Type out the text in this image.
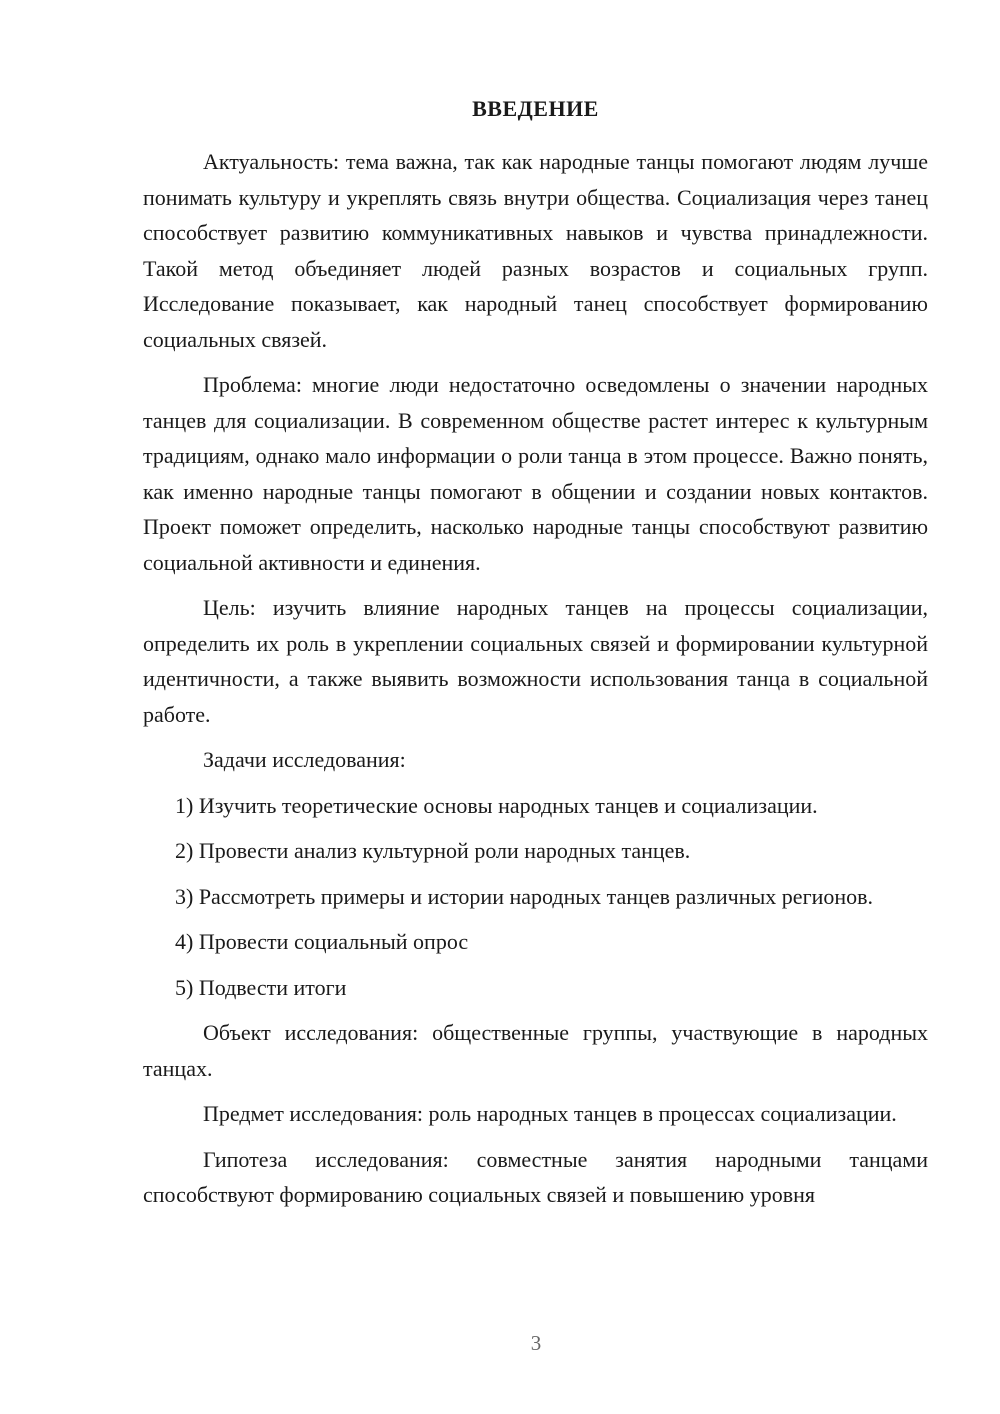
ВВЕДЕНИЕ

Актуальность: тема важна, так как народные танцы помогают людям лучше понимать культуру и укреплять связь внутри общества. Социализация через танец способствует развитию коммуникативных навыков и чувства принадлежности. Такой метод объединяет людей разных возрастов и социальных групп. Исследование показывает, как народный танец способствует формированию социальных связей.

Проблема: многие люди недостаточно осведомлены о значении народных танцев для социализации. В современном обществе растет интерес к культурным традициям, однако мало информации о роли танца в этом процессе. Важно понять, как именно народные танцы помогают в общении и создании новых контактов. Проект поможет определить, насколько народные танцы способствуют развитию социальной активности и единения.

Цель: изучить влияние народных танцев на процессы социализации, определить их роль в укреплении социальных связей и формировании культурной идентичности, а также выявить возможности использования танца в социальной работе.

Задачи исследования:

1) Изучить теоретические основы народных танцев и социализации.

2) Провести анализ культурной роли народных танцев.

3) Рассмотреть примеры и истории народных танцев различных регионов.

4) Провести социальный опрос

5) Подвести итоги

Объект исследования: общественные группы, участвующие в народных танцах.

Предмет исследования: роль народных танцев в процессах социализации.

Гипотеза исследования: совместные занятия народными танцами способствуют формированию социальных связей и повышению уровня

3
